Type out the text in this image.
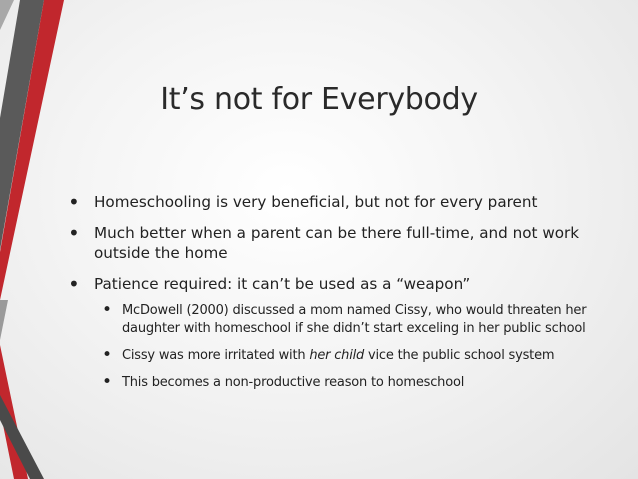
It’s not for Everybody
• Homeschooling is very beneficial, but not for every parent
• Much better when a parent can be there full-time, and not work outside the home
• Patience required: it can’t be used as a “weapon”
• McDowell (2000) discussed a mom named Cissy, who would threaten her daughter with homeschool if she didn’t start exceling in her public school
• Cissy was more irritated with her child vice the public school system
• This becomes a non-productive reason to homeschool
